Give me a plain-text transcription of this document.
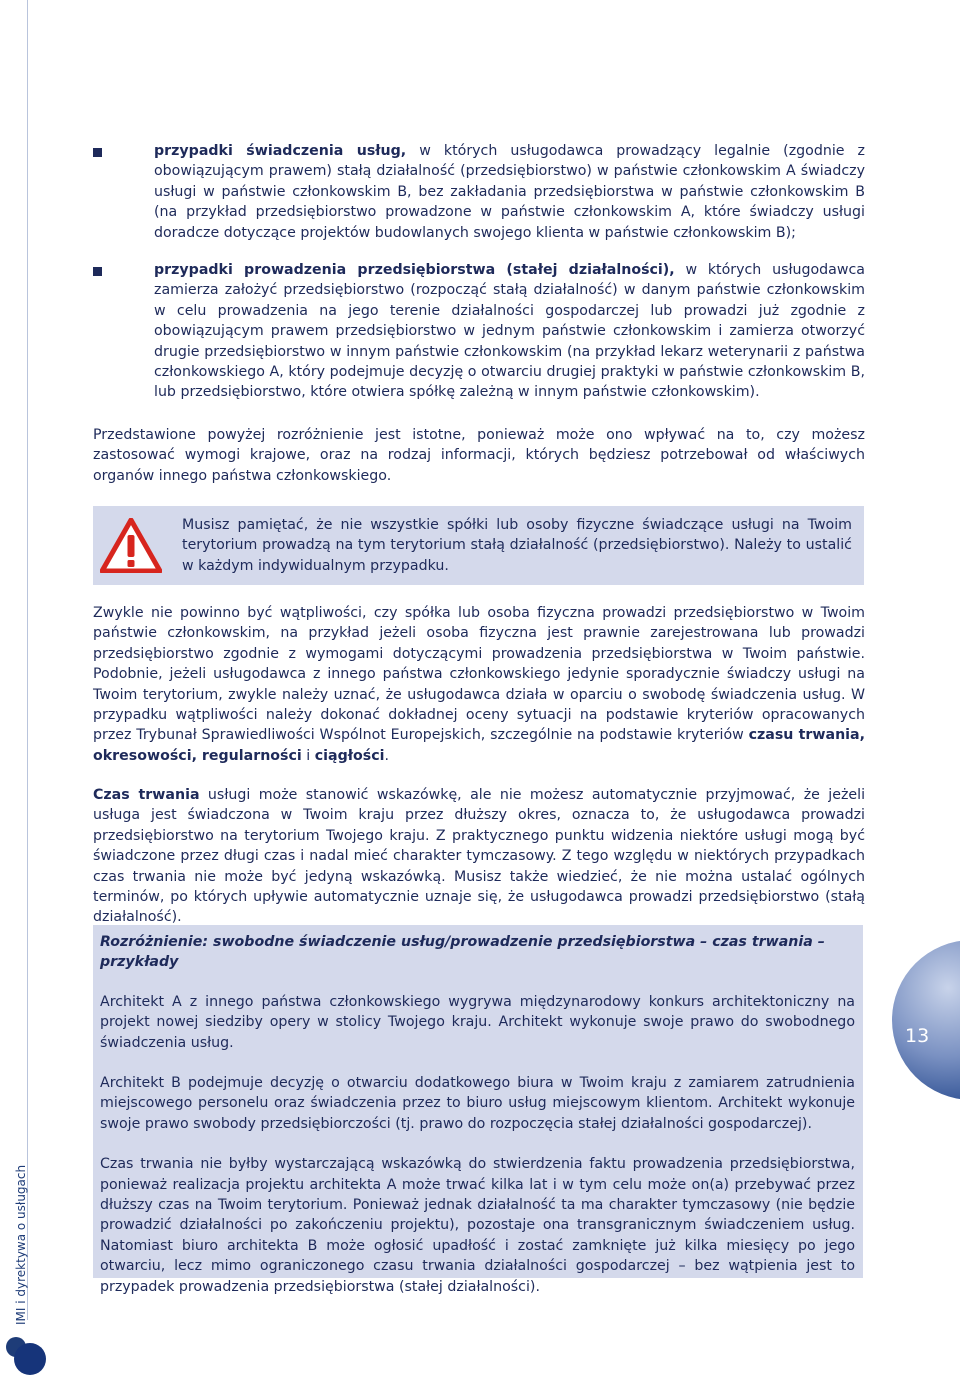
IMI i dyrektywa o usługach
13
przypadki świadczenia usług, w których usługodawca prowadzący legalnie (zgodnie z obowiązującym prawem) stałą działalność (przedsiębiorstwo) w państwie członkowskim A świadczy usługi w państwie członkowskim B, bez zakładania przedsiębiorstwa w państwie członkowskim B (na przykład przedsiębiorstwo prowadzone w państwie członkowskim A, które świadczy usługi doradcze dotyczące projektów budowlanych swojego klienta w państwie członkowskim B);
przypadki prowadzenia przedsiębiorstwa (stałej działalności), w których usługodawca zamierza założyć przedsiębiorstwo (rozpocząć stałą działalność) w danym państwie członkowskim w celu prowadzenia na jego terenie działalności gospodarczej lub prowadzi już zgodnie z obowiązującym prawem przedsiębiorstwo w jednym państwie członkowskim i zamierza otworzyć drugie przedsiębiorstwo w innym państwie członkowskim (na przykład lekarz weterynarii z państwa członkowskiego A, który podejmuje decyzję o otwarciu drugiej praktyki w państwie członkowskim B, lub przedsiębiorstwo, które otwiera spółkę zależną w innym państwie członkowskim).

Przedstawione powyżej rozróżnienie jest istotne, ponieważ może ono wpływać na to, czy możesz zastosować wymogi krajowe, oraz na rodzaj informacji, których będziesz potrzebował od właściwych organów innego państwa członkowskiego.

Musisz pamiętać, że nie wszystkie spółki lub osoby fizyczne świadczące usługi na Twoim terytorium prowadzą na tym terytorium stałą działalność (przedsiębiorstwo). Należy to ustalić w każdym indywidualnym przypadku.

Zwykle nie powinno być wątpliwości, czy spółka lub osoba fizyczna prowadzi przedsiębiorstwo w Twoim państwie członkowskim, na przykład jeżeli osoba fizyczna jest prawnie zarejestrowana lub prowadzi przedsiębiorstwo zgodnie z wymogami dotyczącymi prowadzenia przedsiębiorstwa w Twoim państwie. Podobnie, jeżeli usługodawca z innego państwa członkowskiego jedynie sporadycznie świadczy usługi na Twoim terytorium, zwykle należy uznać, że usługodawca działa w oparciu o swobodę świadczenia usług. W przypadku wątpliwości należy dokonać dokładnej oceny sytuacji na podstawie kryteriów opracowanych przez Trybunał Sprawiedliwości Wspólnot Europejskich, szczególnie na podstawie kryteriów czasu trwania, okresowości, regularności i ciągłości.

Czas trwania usługi może stanowić wskazówkę, ale nie możesz automatycznie przyjmować, że jeżeli usługa jest świadczona w Twoim kraju przez dłuższy okres, oznacza to, że usługodawca prowadzi przedsiębiorstwo na terytorium Twojego kraju. Z praktycznego punktu widzenia niektóre usługi mogą być świadczone przez długi czas i nadal mieć charakter tymczasowy. Z tego względu w niektórych przypadkach czas trwania nie może być jedyną wskazówką. Musisz także wiedzieć, że nie można ustalać ogólnych terminów, po których upływie automatycznie uznaje się, że usługodawca prowadzi przedsiębiorstwo (stałą działalność).

Rozróżnienie: swobodne świadczenie usług/prowadzenie przedsiębiorstwa – czas trwania – przykłady

Architekt A z innego państwa członkowskiego wygrywa międzynarodowy konkurs architektoniczny na projekt nowej siedziby opery w stolicy Twojego kraju. Architekt wykonuje swoje prawo do swobodnego świadczenia usług.

Architekt B podejmuje decyzję o otwarciu dodatkowego biura w Twoim kraju z zamiarem zatrudnienia miejscowego personelu oraz świadczenia przez to biuro usług miejscowym klientom. Architekt wykonuje swoje prawo swobody przedsiębiorczości (tj. prawo do rozpoczęcia stałej działalności gospodarczej).

Czas trwania nie byłby wystarczającą wskazówką do stwierdzenia faktu prowadzenia przedsiębiorstwa, ponieważ realizacja projektu architekta A może trwać kilka lat i w tym celu może on(a) przebywać przez dłuższy czas na Twoim terytorium. Ponieważ jednak działalność ta ma charakter tymczasowy (nie będzie prowadzić działalności po zakończeniu projektu), pozostaje ona transgranicznym świadczeniem usług. Natomiast biuro architekta B może ogłosić upadłość i zostać zamknięte już kilka miesięcy po jego otwarciu, lecz mimo ograniczonego czasu trwania działalności gospodarczej – bez wątpienia jest to przypadek prowadzenia przedsiębiorstwa (stałej działalności).
